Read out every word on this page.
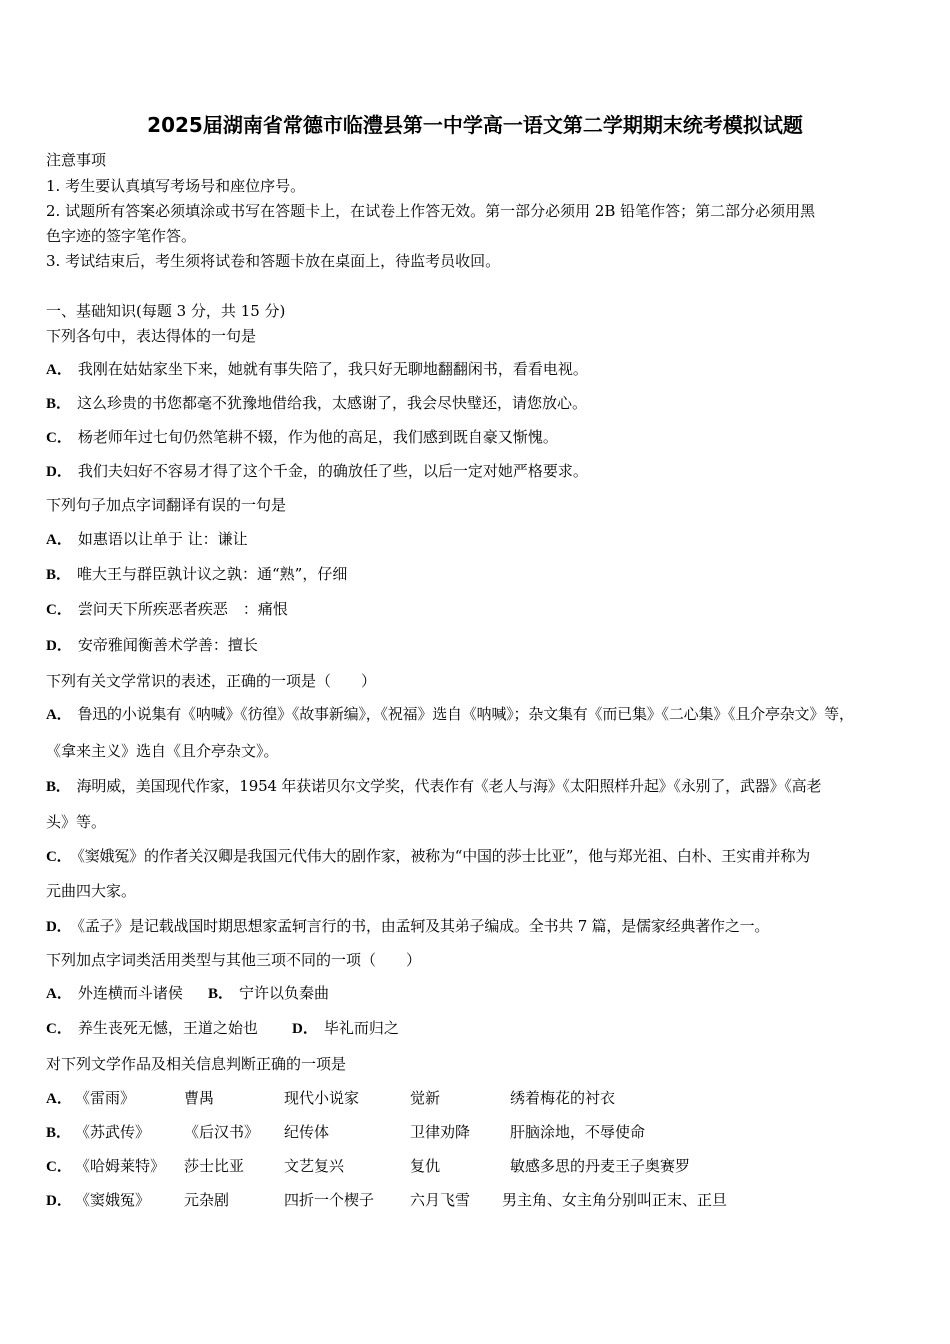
2025届湖南省常德市临澧县第一中学高一语文第二学期期末统考模拟试题
注意事项
1. 考生要认真填写考场号和座位序号。
2. 试题所有答案必须填涂或书写在答题卡上，在试卷上作答无效。第一部分必须用 2B 铅笔作答；第二部分必须用黑
色字迹的签字笔作答。
3. 考试结束后，考生须将试卷和答题卡放在桌面上，待监考员收回。
一、基础知识(每题 3 分，共 15 分)
下列各句中，表达得体的一句是
A． 我刚在姑姑家坐下来，她就有事失陪了，我只好无聊地翻翻闲书，看看电视。
B． 这么珍贵的书您都毫不犹豫地借给我，太感谢了，我会尽快璧还，请您放心。
C． 杨老师年过七旬仍然笔耕不辍，作为他的高足，我们感到既自豪又惭愧。
D． 我们夫妇好不容易才得了这个千金，的确放任了些，以后一定对她严格要求。
下列句子加点字词翻译有误的一句是
A． 如惠语以让单于 让：谦让
B． 唯大王与群臣孰计议之孰：通“熟”，仔细
C． 尝问天下所疾恶者疾恶　：痛恨
D． 安帝雅闻衡善术学善：擅长
下列有关文学常识的表述，正确的一项是（　　）
A． 鲁迅的小说集有《呐喊》《彷徨》《故事新编》，《祝福》选自《呐喊》；杂文集有《而已集》《二心集》《且介亭杂文》等，
《拿来主义》选自《且介亭杂文》。
B． 海明威，美国现代作家，1954 年获诺贝尔文学奖，代表作有《老人与海》《太阳照样升起》《永别了，武器》《高老
头》等。
C． 《窦娥冤》的作者关汉卿是我国元代伟大的剧作家，被称为“中国的莎士比亚”，他与郑光祖、白朴、王实甫并称为
元曲四大家。
D． 《孟子》是记载战国时期思想家孟轲言行的书，由孟轲及其弟子编成。全书共 7 篇，是儒家经典著作之一。
下列加点字词类活用类型与其他三项不同的一项（　　）
A． 外连横而斗诸侯 B． 宁许以负秦曲
C． 养生丧死无憾，王道之始也 D． 毕礼而归之
对下列文学作品及相关信息判断正确的一项是
A． 《雷雨》	曹禺	现代小说家	觉新	绣着梅花的衬衣
B． 《苏武传》 《后汉书》 纪传体	卫律劝降	肝脑涂地，不辱使命
C． 《哈姆莱特》 莎士比亚	文艺复兴	复仇	敏感多思的丹麦王子奥赛罗
D． 《窦娥冤》 元杂剧	四折一个楔子 六月飞雪 男主角、女主角分别叫正末、正旦
